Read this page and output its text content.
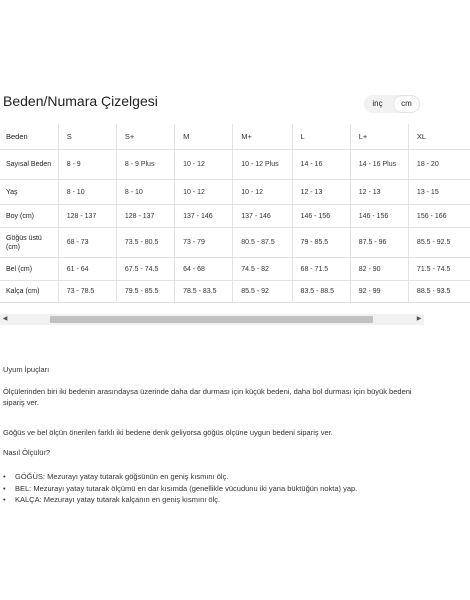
Beden/Numara Çizelgesi	inç	cm
Beden	S	S+	M	M+	L	L+	XL
Sayısal Beden	8 - 9	8 - 9 Plus	10 - 12	10 - 12 Plus	14 - 16	14 - 16 Plus	18 - 20
Yaş	8 - 10	8 - 10	10 - 12	10 - 12	12 - 13	12 - 13	13 - 15
Boy (cm)	128 - 137	128 - 137	137 - 146	137 - 146	146 - 156	146 - 156	156 - 166
Göğüs üstü (cm)	68 - 73	73.5 - 80.5	73 - 79	80.5 - 87.5	79 - 85.5	87.5 - 96	85.5 - 92.5
Bel (cm)	61 - 64	67.5 - 74.5	64 - 68	74.5 - 82	68 - 71.5	82 - 90	71.5 - 74.5
Kalça (cm)	73 - 78.5	79.5 - 85.5	78.5 - 83.5	85.5 - 92	83.5 - 88.5	92 - 99	88.5 - 93.5
◀	▶
Uyum İpuçları
Ölçülerinden biri iki bedenin arasındaysa üzerinde daha dar durması için küçük bedeni, daha bol durması için büyük bedeni sipariş ver.
Göğüs ve bel ölçün önerilen farklı iki bedene denk geliyorsa göğüs ölçüne uygun bedeni sipariş ver.
Nasıl Ölçülür?
• GÖĞÜS: Mezurayı yatay tutarak göğsünün en geniş kısmını ölç.
• BEL: Mezurayı yatay tutarak ölçümü en dar kısımda (genellikle vücudunu iki yana büktüğün nokta) yap.
• KALÇA: Mezurayı yatay tutarak kalçanın en geniş kısmını ölç.
